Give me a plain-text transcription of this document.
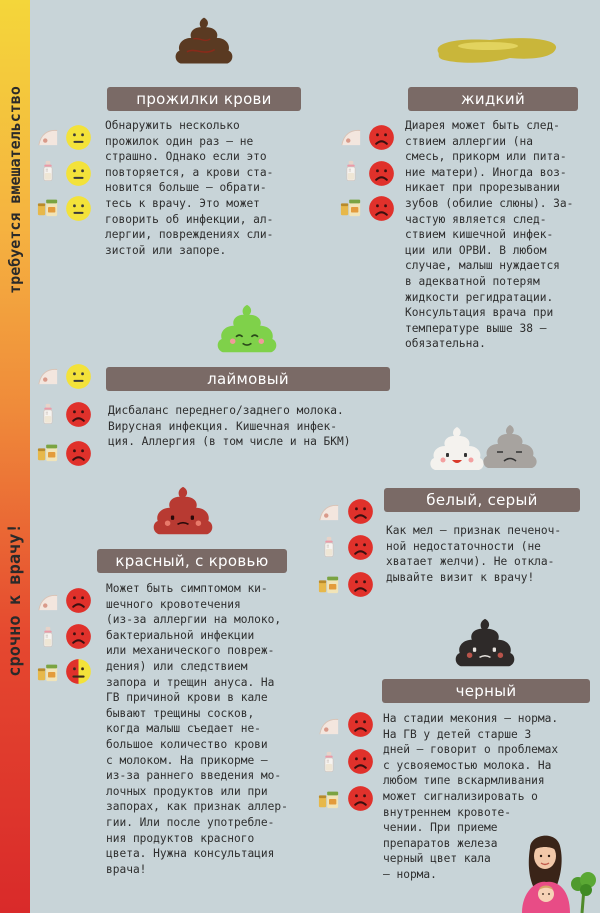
требуется вмешательство
срочно к врачу!
прожилки крови
Обнаружить несколько
прожилок один раз – не
страшно. Однако если это
повторяется, а крови ста-
новится больше – обрати-
тесь к врачу. Это может
говорить об инфекции, ал-
лергии, повреждениях сли-
зистой или запоре.
жидкий
Диарея может быть след-
ствием аллергии (на
смесь, прикорм или пита-
ние матери). Иногда воз-
никает при прорезывании
зубов (обилие слюны). За-
частую является след-
ствием кишечной инфек-
ции или ОРВИ. В любом
случае, малыш нуждается
в адекватной потерям
жидкости регидратации.
Консультация врача при
температуре выше 38 –
обязательна.
лаймовый
Дисбаланс переднего/заднего молока.
Вирусная инфекция. Кишечная инфек-
ция. Аллергия (в том числе и на БКМ)
белый, серый
Как мел – признак печеноч-
ной недостаточности (не
хватает желчи). Не откла-
дывайте визит к врачу!
красный, с кровью
Может быть симптомом ки-
шечного кровотечения
(из-за аллергии на молоко,
бактериальной инфекции
или механического повреж-
дения) или следствием
запора и трещин ануса. На
ГВ причиной крови в кале
бывают трещины сосков,
когда малыш съедает не-
большое количество крови
с молоком. На прикорме –
из-за раннего введения мо-
лочных продуктов или при
запорах, как признак аллер-
гии. Или после употребле-
ния продуктов красного
цвета. Нужна консультация
врача!
черный
На стадии мекония – норма.
На ГВ у детей старше 3
дней – говорит о проблемах
с усвояемостью молока. На
любом типе вскармливания
может сигнализировать о
внутреннем кровоте-
чении. При приеме
препаратов железа
черный цвет кала
– норма.
